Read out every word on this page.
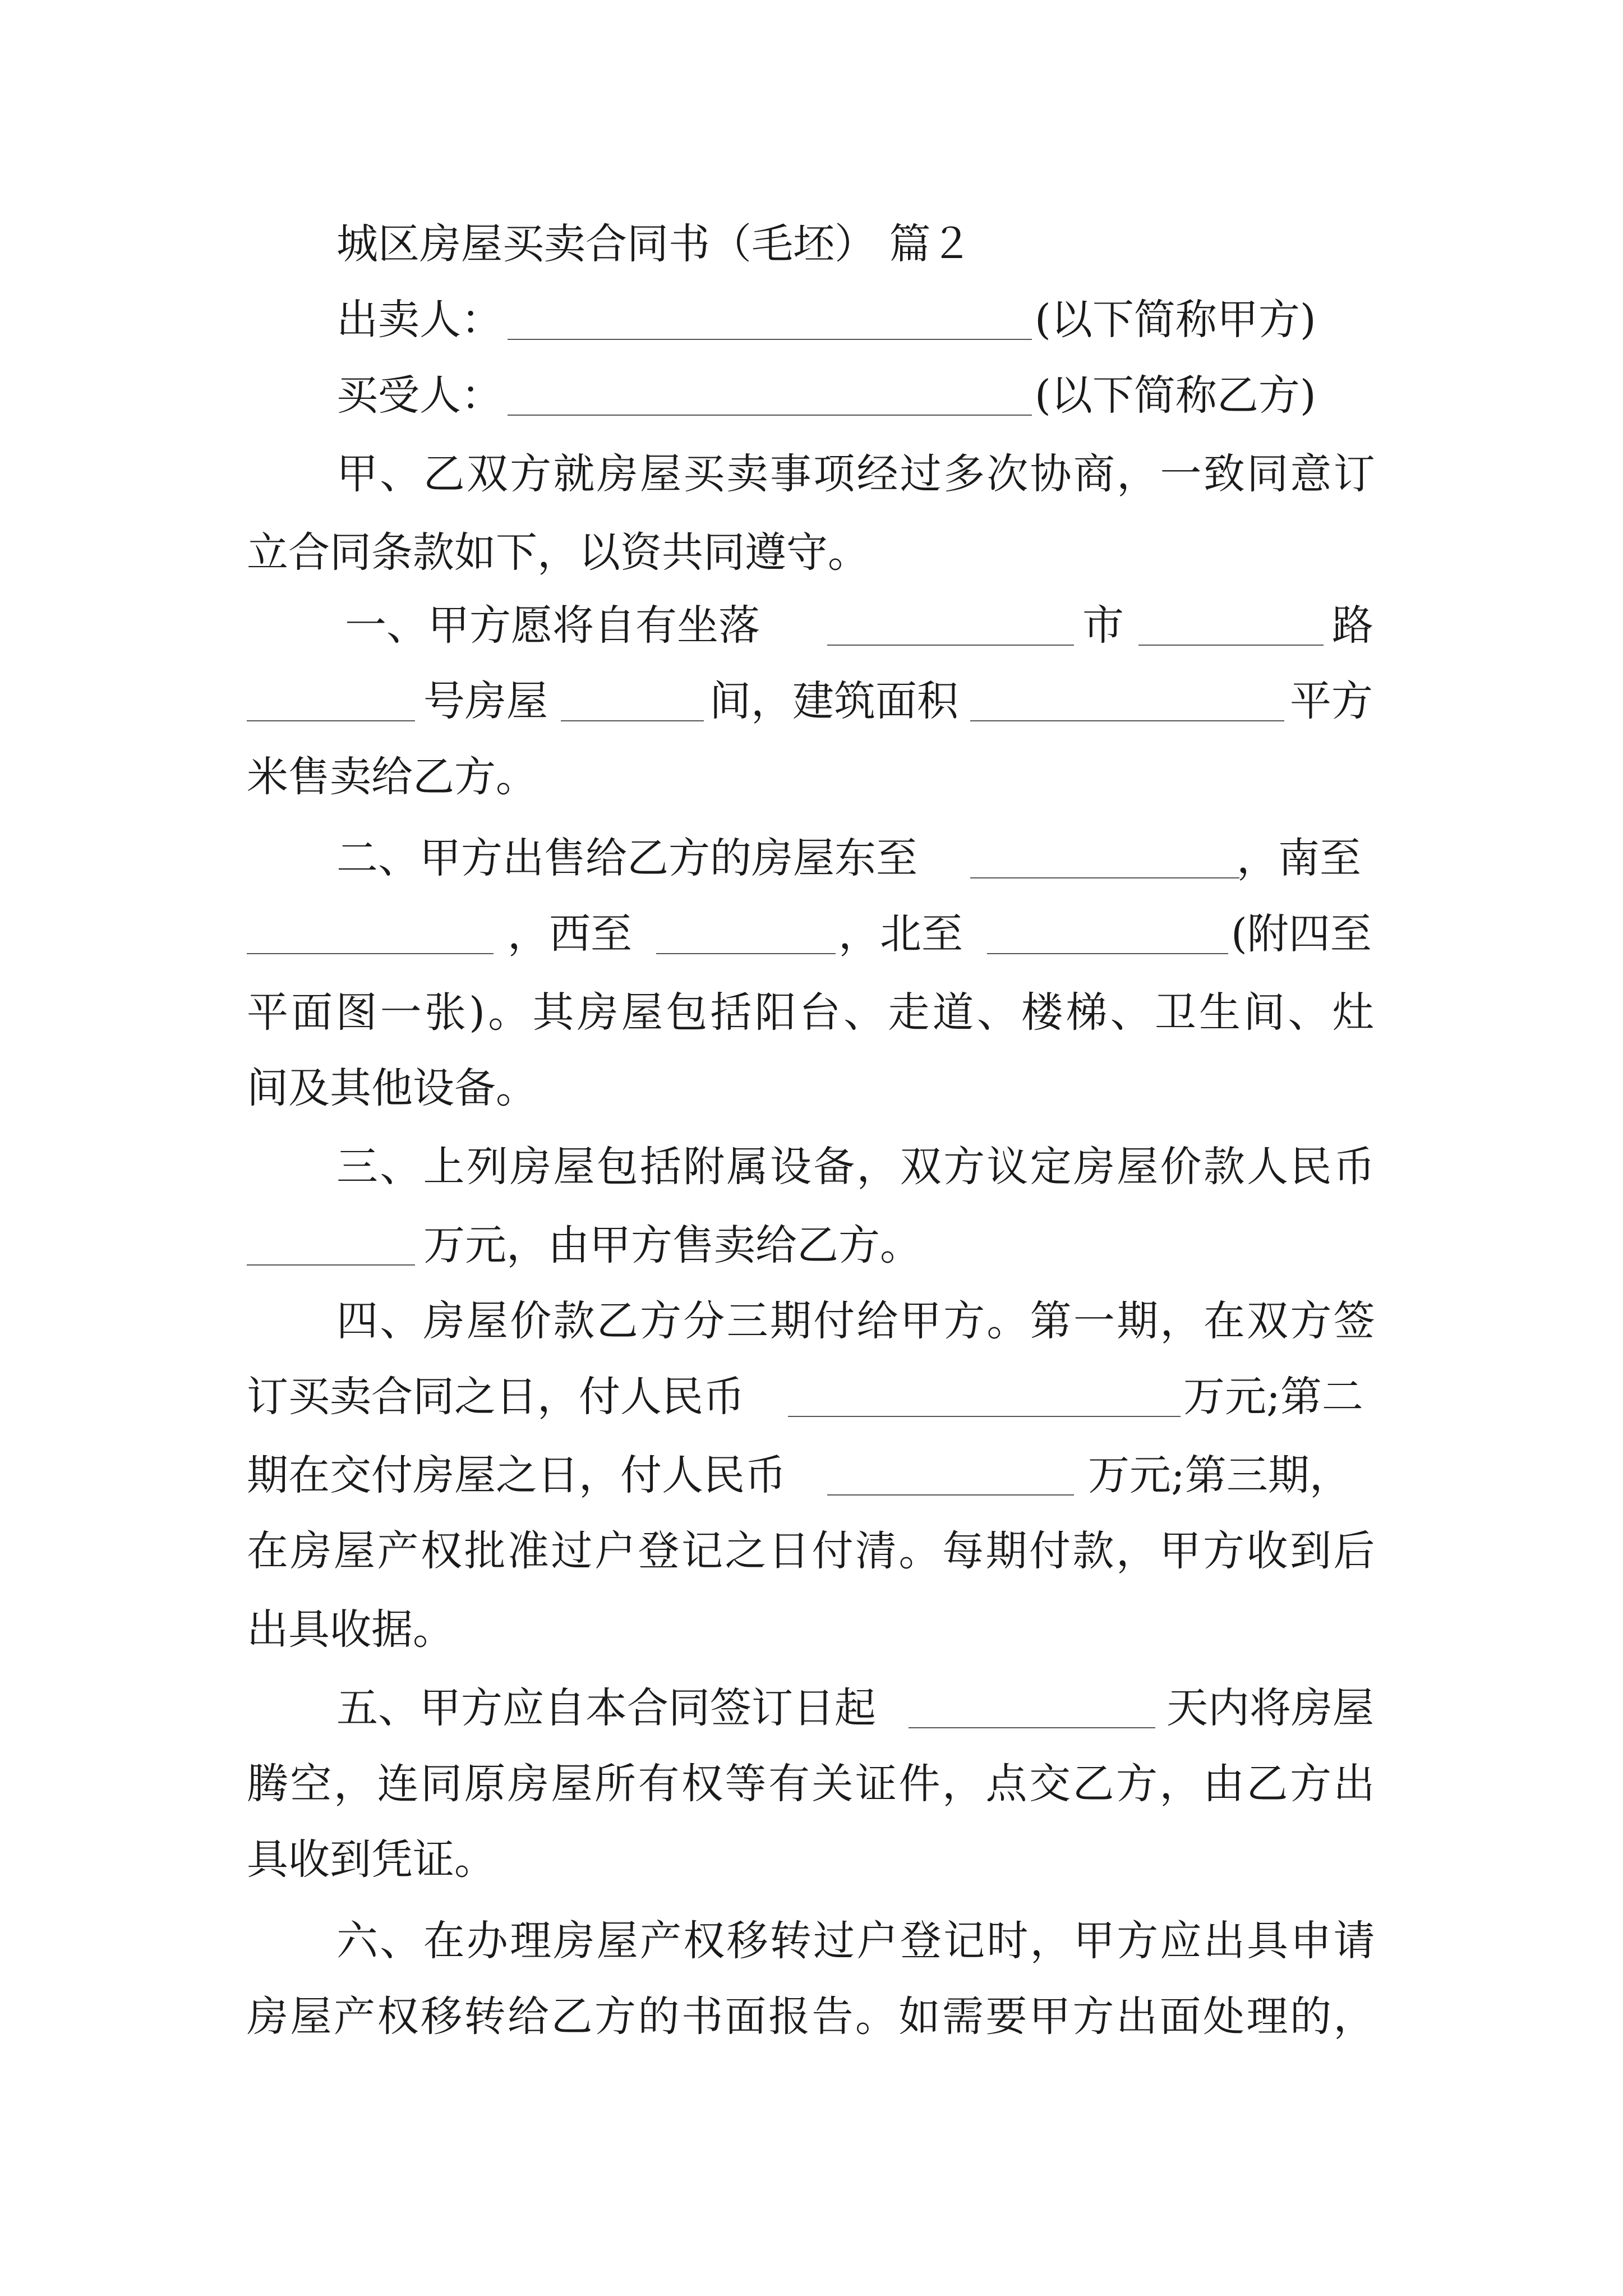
城区房屋买卖合同书（毛坯） 篇２
出卖人：	(以下简称甲方)
买受人：	(以下简称乙方)
甲、乙双方就房屋买卖事项经过多次协商，一致同意订
立合同条款如下，以资共同遵守。
一、甲方愿将自有坐落	市	路
号房屋	间，建筑面积	平方
米售卖给乙方。
二、甲方出售给乙方的房屋东至	，南至
，西至	，北至	(附四至
平面图一张)。其房屋包括阳台、走道、楼梯、卫生间、灶
间及其他设备。
三、上列房屋包括附属设备，双方议定房屋价款人民币
万元，由甲方售卖给乙方。
四、房屋价款乙方分三期付给甲方。第一期，在双方签
订买卖合同之日，付人民币	万元;第二
期在交付房屋之日，付人民币	万元;第三期，
在房屋产权批准过户登记之日付清。每期付款，甲方收到后
出具收据。
五、甲方应自本合同签订日起	天内将房屋
腾空，连同原房屋所有权等有关证件，点交乙方，由乙方出
具收到凭证。
六、在办理房屋产权移转过户登记时，甲方应出具申请
房屋产权移转给乙方的书面报告。如需要甲方出面处理的，
